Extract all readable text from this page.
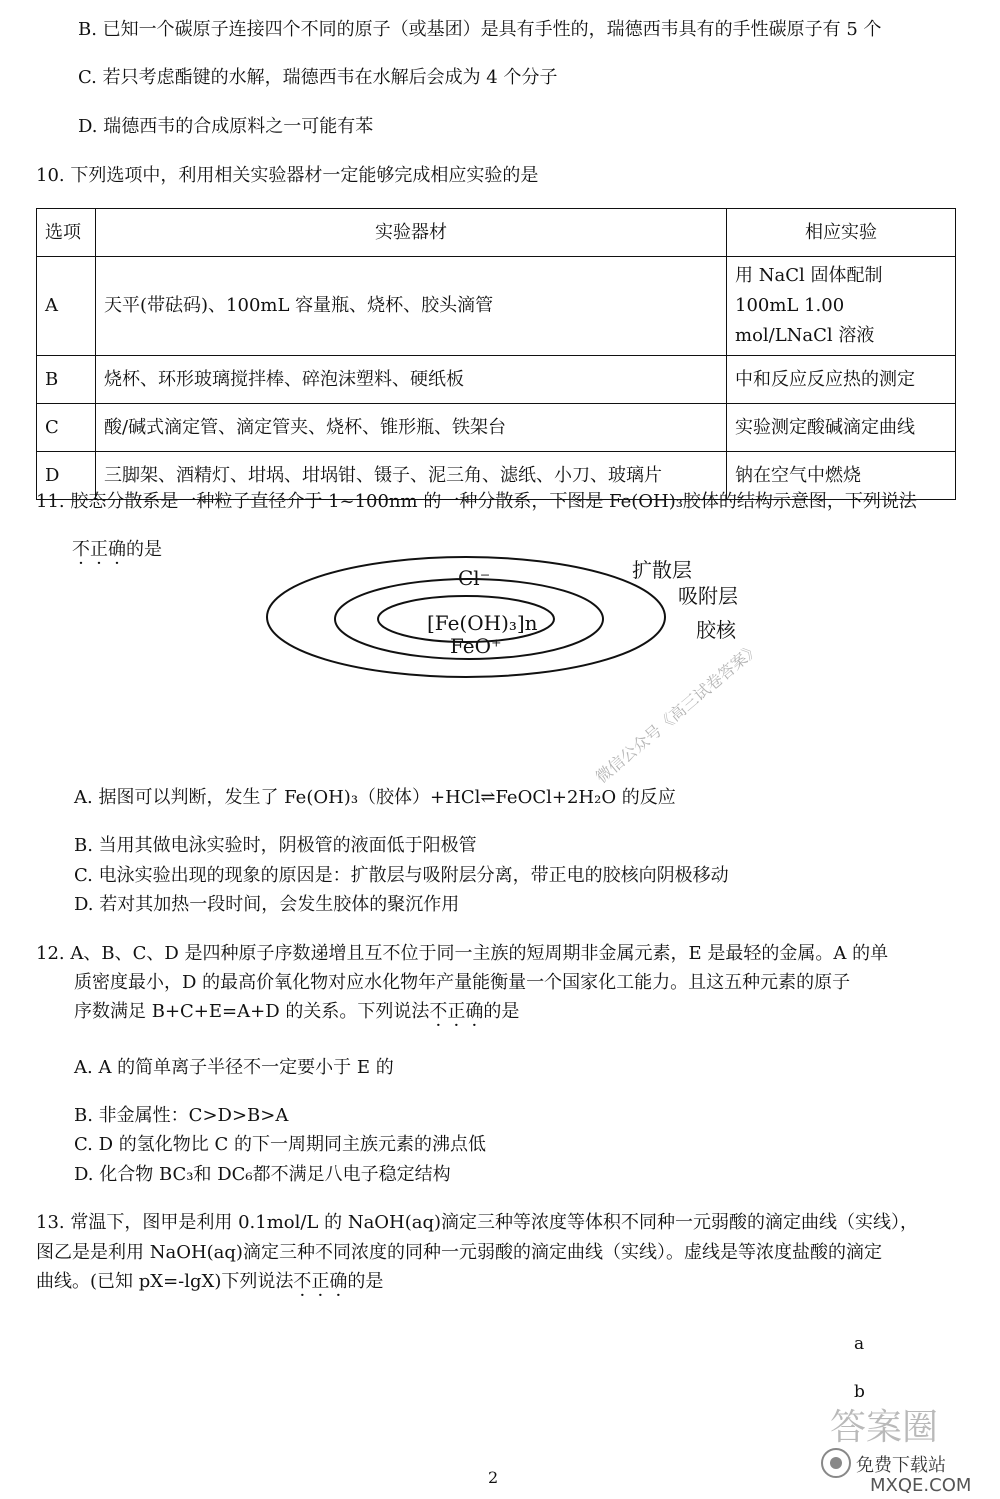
B. 已知一个碳原子连接四个不同的原子（或基团）是具有手性的，瑞德西韦具有的手性碳原子有 5 个
C. 若只考虑酯键的水解，瑞德西韦在水解后会成为 4 个分子
D. 瑞德西韦的合成原料之一可能有苯
10. 下列选项中，利用相关实验器材一定能够完成相应实验的是
选项	实验器材	相应实验
A	天平(带砝码)、100mL 容量瓶、烧杯、胶头滴管	用 NaCl 固体配制 100mL 1.00 mol/LNaCl 溶液
B	烧杯、环形玻璃搅拌棒、碎泡沫塑料、硬纸板	中和反应反应热的测定
C	酸/碱式滴定管、滴定管夹、烧杯、锥形瓶、铁架台	实验测定酸碱滴定曲线
D	三脚架、酒精灯、坩埚、坩埚钳、镊子、泥三角、滤纸、小刀、玻璃片	钠在空气中燃烧
11. 胶态分散系是一种粒子直径介于 1~100nm 的一种分散系，下图是 Fe(OH)₃胶体的结构示意图，下列说法
不正确的是
Cl⁻
[Fe(OH)₃]n
FeO⁺
扩散层
吸附层
胶核
A. 据图可以判断，发生了 Fe(OH)₃（胶体）+HCl⇌FeOCl+2H₂O 的反应
B. 当用其做电泳实验时，阴极管的液面低于阳极管
C. 电泳实验出现的现象的原因是：扩散层与吸附层分离，带正电的胶核向阴极移动
D. 若对其加热一段时间，会发生胶体的聚沉作用
微信公众号《高三试卷答案》
12. A、B、C、D 是四种原子序数递增且互不位于同一主族的短周期非金属元素，E 是最轻的金属。A 的单
质密度最小，D 的最高价氧化物对应水化物年产量能衡量一个国家化工能力。且这五种元素的原子
序数满足 B+C+E=A+D 的关系。下列说法不正确的是
A. A 的简单离子半径不一定要小于 E 的
B. 非金属性：C>D>B>A
C. D 的氢化物比 C 的下一周期同主族元素的沸点低
D. 化合物 BC₃和 DC₆都不满足八电子稳定结构
13. 常温下，图甲是利用 0.1mol/L 的 NaOH(aq)滴定三种等浓度等体积不同种一元弱酸的滴定曲线（实线），
图乙是是利用 NaOH(aq)滴定三种不同浓度的同种一元弱酸的滴定曲线（实线）。虚线是等浓度盐酸的滴定
曲线。(已知 pX=-lgX)下列说法不正确的是
a
b
2
答案圈
免费下载站
MXQE.COM
